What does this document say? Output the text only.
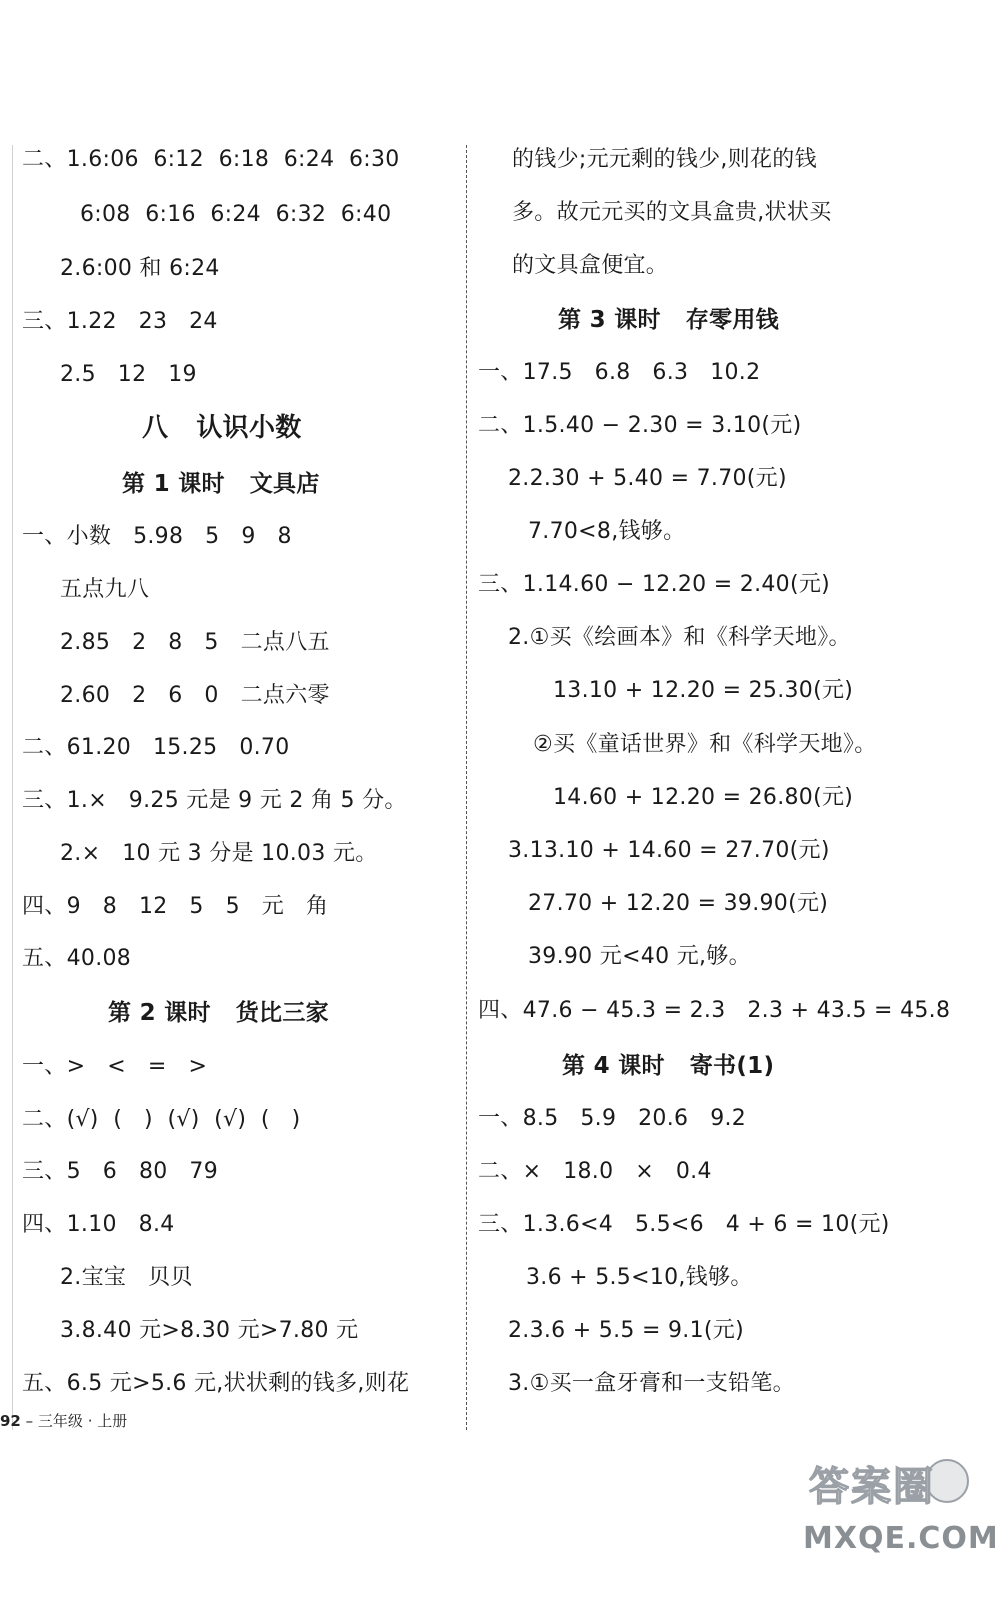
二、1.6:06  6:12  6:18  6:24  6:30
6:08  6:16  6:24  6:32  6:40
2.6:00 和 6:24
三、1.22   23   24
2.5   12   19
八   认识小数
第 1 课时   文具店
一、小数   5.98   5   9   8
五点九八
2.85   2   8   5   二点八五
2.60   2   6   0   二点六零
二、61.20   15.25   0.70
三、1.×   9.25 元是 9 元 2 角 5 分。
2.×   10 元 3 分是 10.03 元。
四、9   8   12   5   5   元   角
五、40.08
第 2 课时   货比三家
一、>   <   =   >
二、(√)  (   )  (√)  (√)  (   )
三、5   6   80   79
四、1.10   8.4
2.宝宝   贝贝
3.8.40 元>8.30 元>7.80 元
五、6.5 元>5.6 元,状状剩的钱多,则花
的钱少;元元剩的钱少,则花的钱
多。故元元买的文具盒贵,状状买
的文具盒便宜。
第 3 课时   存零用钱
一、17.5   6.8   6.3   10.2
二、1.5.40 − 2.30 = 3.10(元)
2.2.30 + 5.40 = 7.70(元)
7.70<8,钱够。
三、1.14.60 − 12.20 = 2.40(元)
2.①买《绘画本》和《科学天地》。
13.10 + 12.20 = 25.30(元)
②买《童话世界》和《科学天地》。
14.60 + 12.20 = 26.80(元)
3.13.10 + 14.60 = 27.70(元)
27.70 + 12.20 = 39.90(元)
39.90 元<40 元,够。
四、47.6 − 45.3 = 2.3   2.3 + 43.5 = 45.8
第 4 课时   寄书(1)
一、8.5   5.9   20.6   9.2
二、×   18.0   ×   0.4
三、1.3.6<4   5.5<6   4 + 6 = 10(元)
3.6 + 5.5<10,钱够。
2.3.6 + 5.5 = 9.1(元)
3.①买一盒牙膏和一支铅笔。
92 – 三年级 · 上册
答案圈
MXQE.COM
